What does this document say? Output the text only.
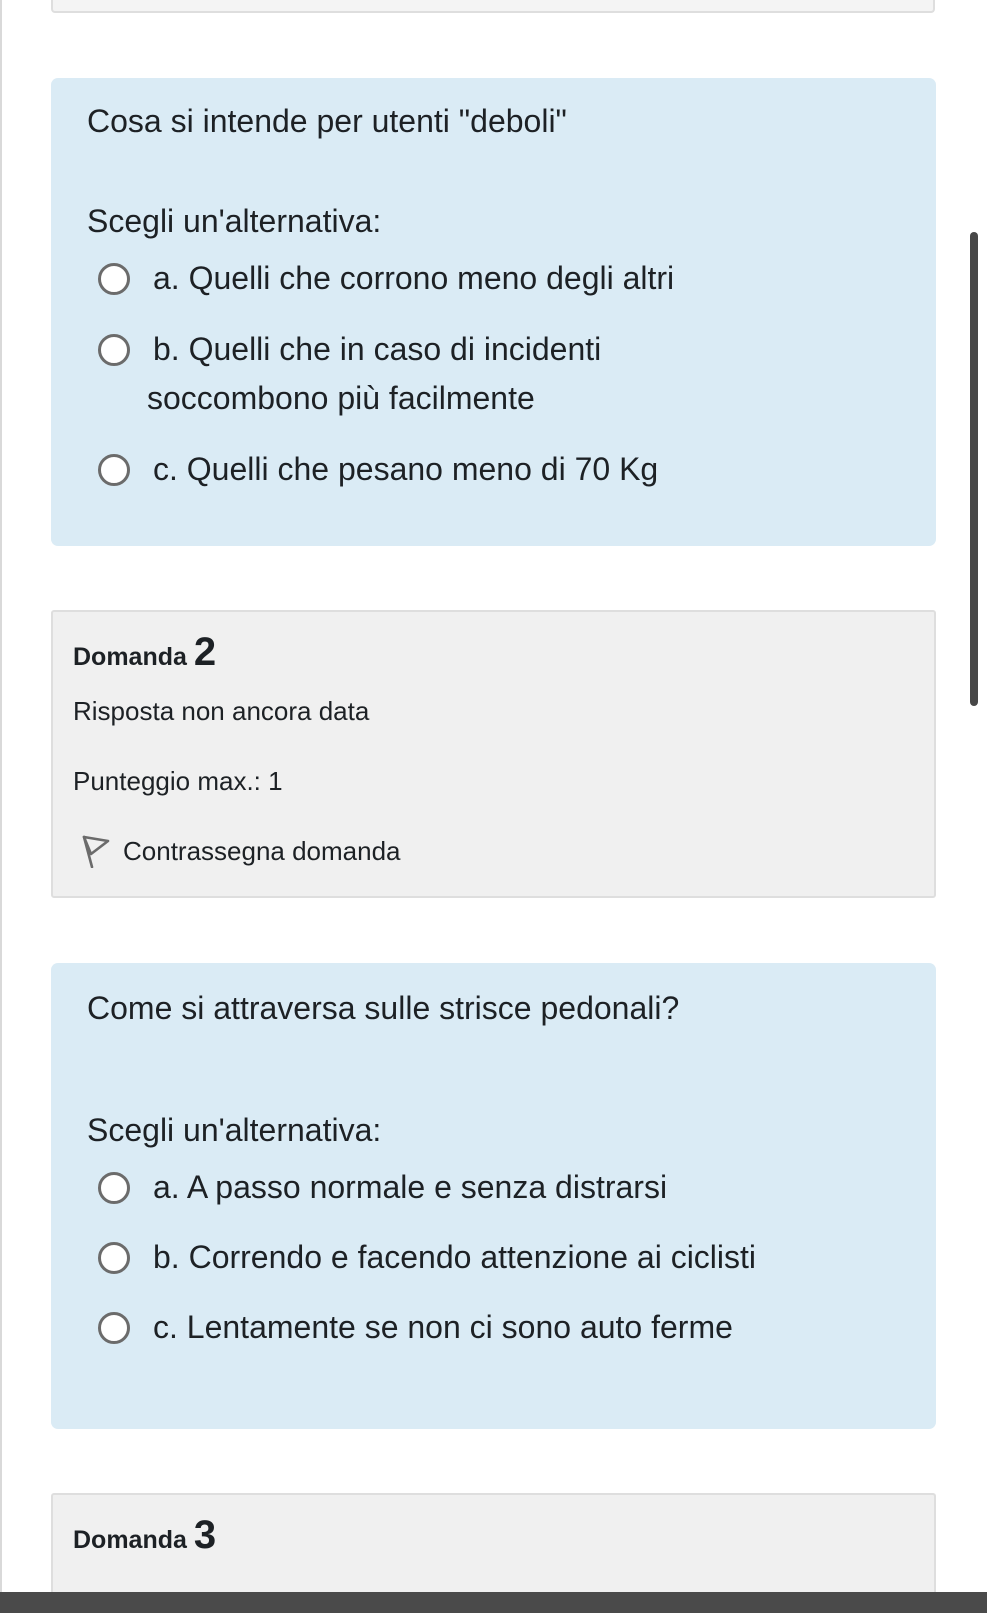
Cosa si intende per utenti "deboli"

Scegli un'alternativa:

a. Quelli che corrono meno degli altri
b. Quelli che in caso di incidenti
soccombono più facilmente
c. Quelli che pesano meno di 70 Kg

Domanda 2

Risposta non ancora data

Punteggio max.: 1

Contrassegna domanda

Come si attraversa sulle strisce pedonali?

Scegli un'alternativa:

a. A passo normale e senza distrarsi
b. Correndo e facendo attenzione ai ciclisti
c. Lentamente se non ci sono auto ferme

Domanda 3
